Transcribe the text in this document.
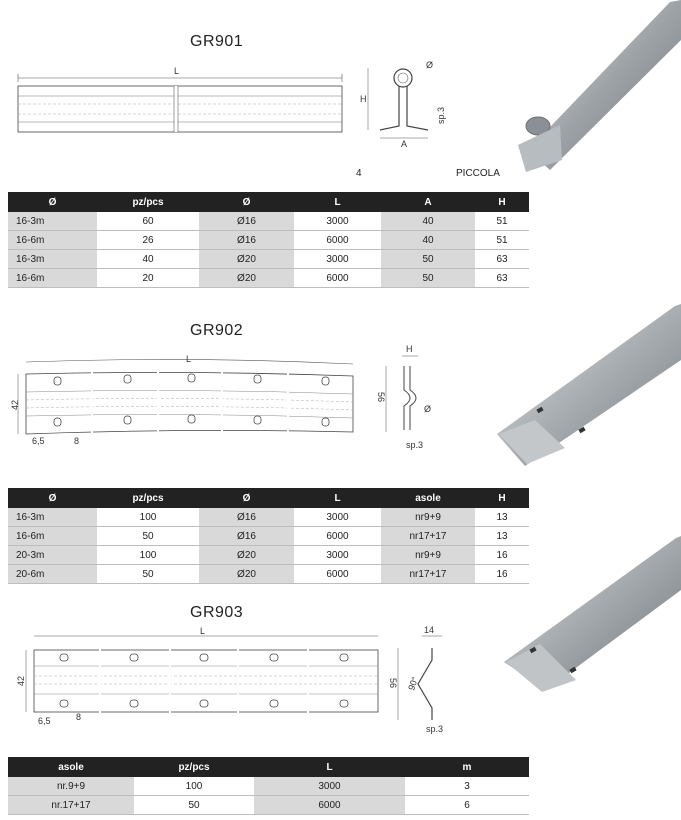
GR901
L
H
A
sp.3
Ø
4	PICCOLA
Ø	pz/pcs	Ø	L	A	H
16-3m	60	Ø16	3000	40	51
16-6m	26	Ø16	6000	40	51
16-3m	40	Ø20	3000	50	63
16-6m	20	Ø20	6000	50	63
GR902
L
42
6,5	8
H
56
Ø
sp.3
Ø	pz/pcs	Ø	L	asole	H
16-3m	100	Ø16	3000	nr9+9	13
16-6m	50	Ø16	6000	nr17+17	13
20-3m	100	Ø20	3000	nr9+9	16
20-6m	50	Ø20	6000	nr17+17	16
GR903
L
42
6,5	8
14
56 90°
sp.3
asole	pz/pcs	L	m
nr.9+9	100	3000	3
nr.17+17	50	6000	6
